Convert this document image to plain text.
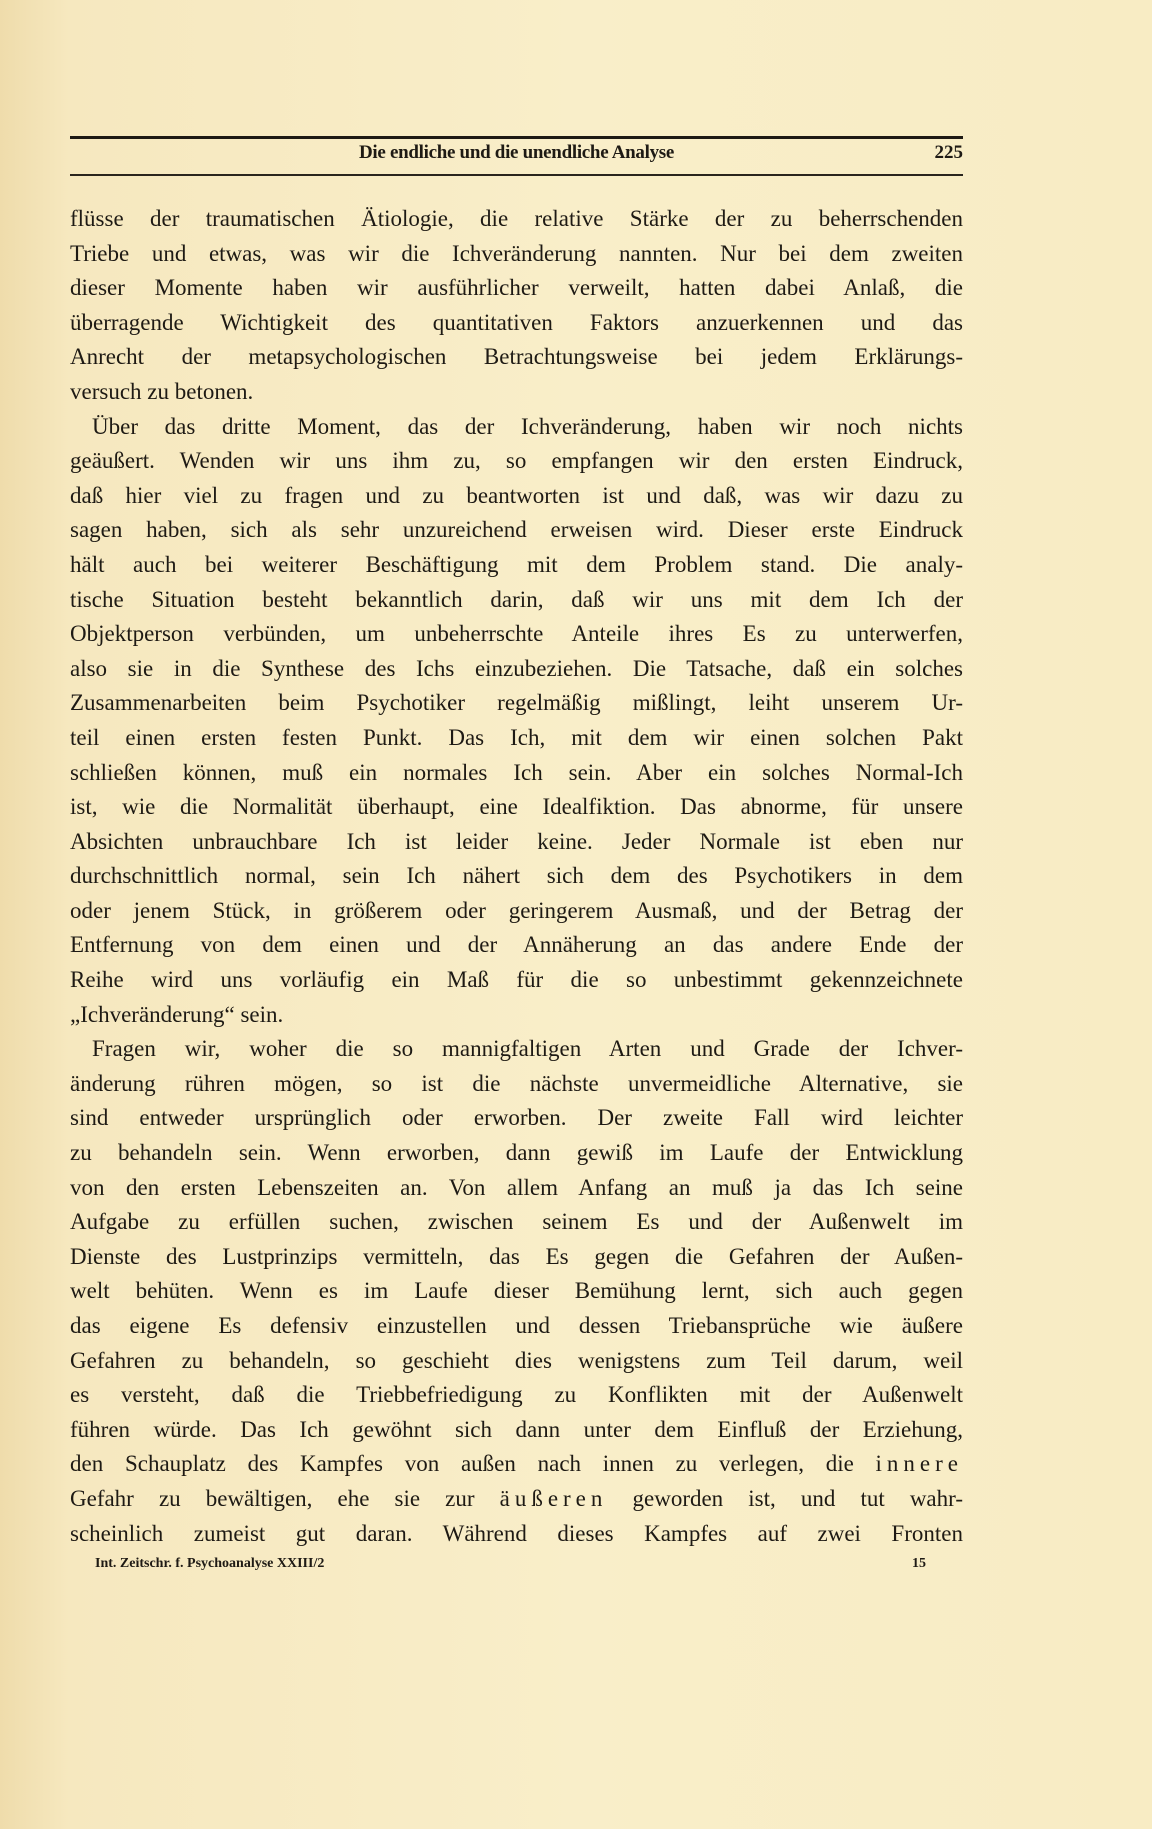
Die endliche und die unendliche Analyse	225
flüsse der traumatischen Ätiologie, die relative Stärke der zu beherrschenden
Triebe und etwas, was wir die Ichveränderung nannten. Nur bei dem zweiten
dieser Momente haben wir ausführlicher verweilt, hatten dabei Anlaß, die
überragende Wichtigkeit des quantitativen Faktors anzuerkennen und das
Anrecht der metapsychologischen Betrachtungsweise bei jedem Erklärungs-
versuch zu betonen.
Über das dritte Moment, das der Ichveränderung, haben wir noch nichts
geäußert. Wenden wir uns ihm zu, so empfangen wir den ersten Eindruck,
daß hier viel zu fragen und zu beantworten ist und daß, was wir dazu zu
sagen haben, sich als sehr unzureichend erweisen wird. Dieser erste Eindruck
hält auch bei weiterer Beschäftigung mit dem Problem stand. Die analy-
tische Situation besteht bekanntlich darin, daß wir uns mit dem Ich der
Objektperson verbünden, um unbeherrschte Anteile ihres Es zu unterwerfen,
also sie in die Synthese des Ichs einzubeziehen. Die Tatsache, daß ein solches
Zusammenarbeiten beim Psychotiker regelmäßig mißlingt, leiht unserem Ur-
teil einen ersten festen Punkt. Das Ich, mit dem wir einen solchen Pakt
schließen können, muß ein normales Ich sein. Aber ein solches Normal-Ich
ist, wie die Normalität überhaupt, eine Idealfiktion. Das abnorme, für unsere
Absichten unbrauchbare Ich ist leider keine. Jeder Normale ist eben nur
durchschnittlich normal, sein Ich nähert sich dem des Psychotikers in dem
oder jenem Stück, in größerem oder geringerem Ausmaß, und der Betrag der
Entfernung von dem einen und der Annäherung an das andere Ende der
Reihe wird uns vorläufig ein Maß für die so unbestimmt gekennzeichnete
„Ichveränderung“ sein.
Fragen wir, woher die so mannigfaltigen Arten und Grade der Ichver-
änderung rühren mögen, so ist die nächste unvermeidliche Alternative, sie
sind entweder ursprünglich oder erworben. Der zweite Fall wird leichter
zu behandeln sein. Wenn erworben, dann gewiß im Laufe der Entwicklung
von den ersten Lebenszeiten an. Von allem Anfang an muß ja das Ich seine
Aufgabe zu erfüllen suchen, zwischen seinem Es und der Außenwelt im
Dienste des Lustprinzips vermitteln, das Es gegen die Gefahren der Außen-
welt behüten. Wenn es im Laufe dieser Bemühung lernt, sich auch gegen
das eigene Es defensiv einzustellen und dessen Triebansprüche wie äußere
Gefahren zu behandeln, so geschieht dies wenigstens zum Teil darum, weil
es versteht, daß die Triebbefriedigung zu Konflikten mit der Außenwelt
führen würde. Das Ich gewöhnt sich dann unter dem Einfluß der Erziehung,
den Schauplatz des Kampfes von außen nach innen zu verlegen, die innere
Gefahr zu bewältigen, ehe sie zur äußeren geworden ist, und tut wahr-
scheinlich zumeist gut daran. Während dieses Kampfes auf zwei Fronten
Int. Zeitschr. f. Psychoanalyse XXIII/2	15
